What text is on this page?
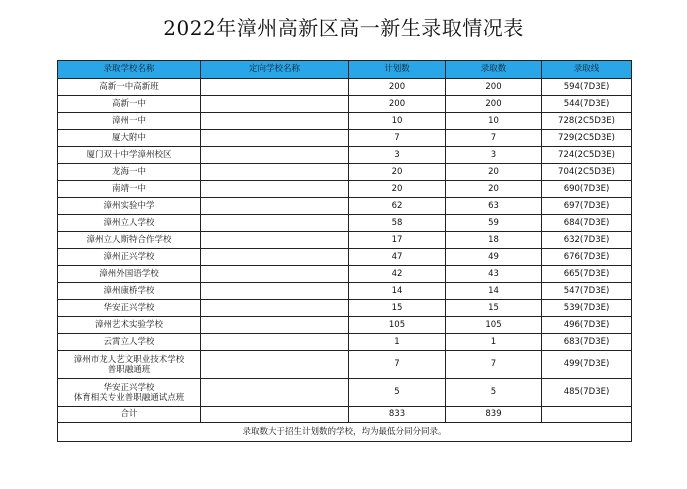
2022年漳州高新区高一新生录取情况表
录取学校名称	定向学校名称	计划数	录取数	录取线

高新一中高新班		200	200	594(7D3E)

高新一中		200	200	544(7D3E)

漳州一中		10	10	728(2C5D3E)

厦大附中		7	7	729(2C5D3E)

厦门双十中学漳州校区		3	3	724(2C5D3E)

龙海一中		20	20	704(2C5D3E)

南靖一中		20	20	690(7D3E)

漳州实验中学		62	63	697(7D3E)

漳州立人学校		58	59	684(7D3E)

漳州立人斯特合作学校		17	18	632(7D3E)

漳州正兴学校		47	49	676(7D3E)

漳州外国语学校		42	43	665(7D3E)

漳州康桥学校		14	14	547(7D3E)

华安正兴学校		15	15	539(7D3E)

漳州艺术实验学校		105	105	496(7D3E)

云霄立人学校		1	1	683(7D3E)

漳州市龙人艺文职业技术学校
普职融通班		7	7	499(7D3E)

华安正兴学校
体育相关专业普职融通试点班		5	5	485(7D3E)
合计		833	839	
录取数大于招生计划数的学校，均为最低分同分同录。				
